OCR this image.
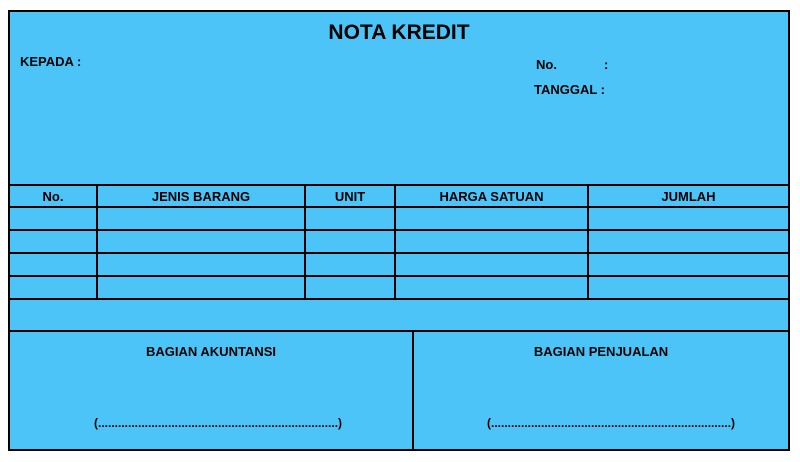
NOTA KREDIT
KEPADA :	No.	:
TANGGAL :
No.	JENIS BARANG	UNIT	HARGA SATUAN	JUMLAH

BAGIAN AKUNTANSI	BAGIAN PENJUALAN
(........................................................................)	(........................................................................)
